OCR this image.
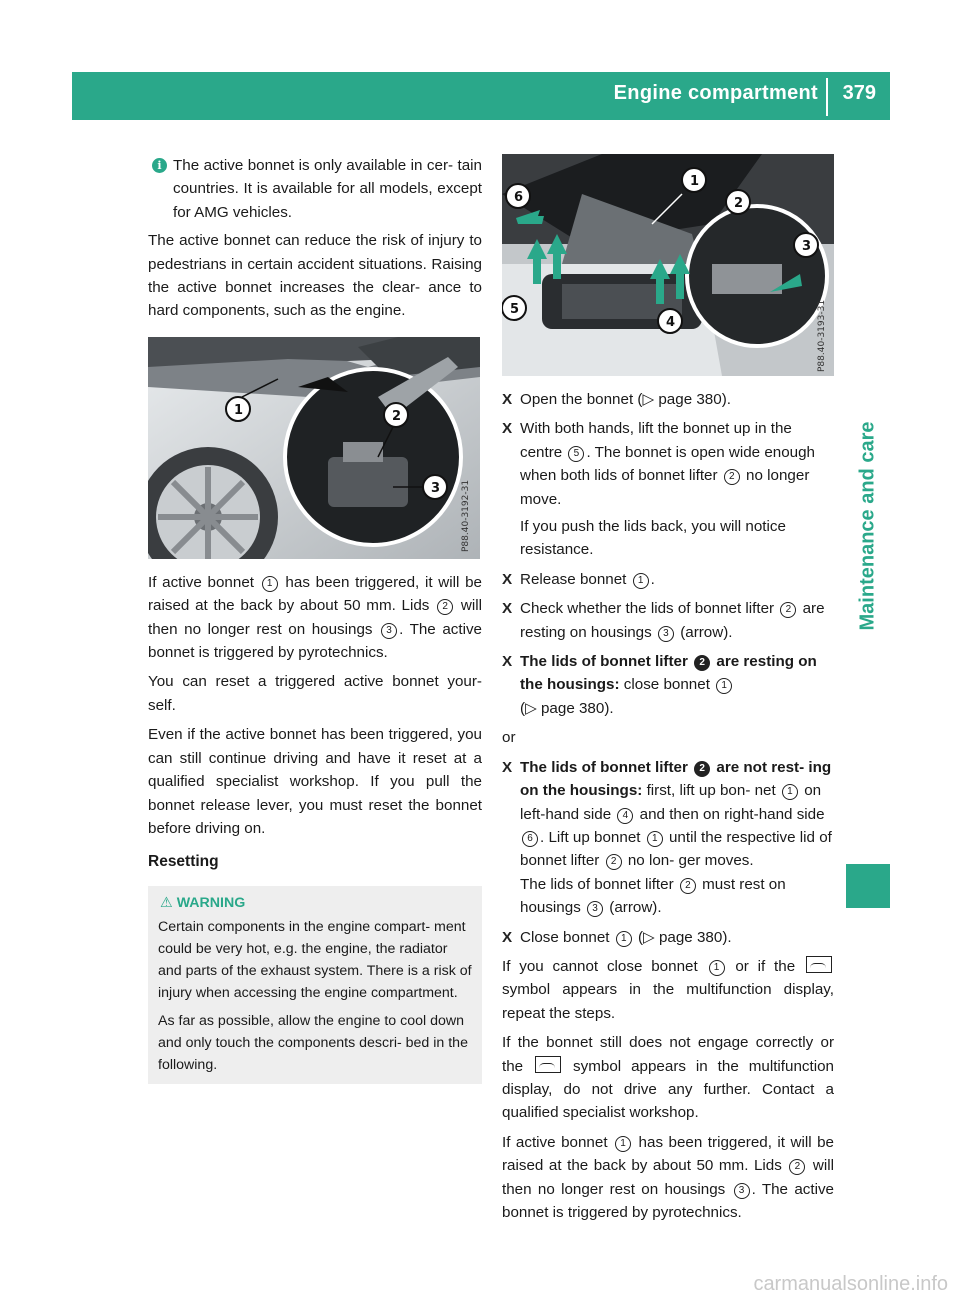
Engine compartment 379
Maintenance and care

i The active bonnet is only available in cer- tain countries. It is available for all models, except for AMG vehicles.

The active bonnet can reduce the risk of injury to pedestrians in certain accident situations. Raising the active bonnet increases the clear- ance to hard components, such as the engine.

1	2
3 P88.40-3192-31

If active bonnet 1 has been triggered, it will be raised at the back by about 50 mm. Lids 2 will then no longer rest on housings 3 . The active bonnet is triggered by pyrotechnics.

You can reset a triggered active bonnet your- self.

Even if the active bonnet has been triggered, you can still continue driving and have it reset at a qualified specialist workshop. If you pull the bonnet release lever, you must reset the bonnet before driving on.

Resetting
⚠ WARNING

Certain components in the engine compart- ment could be very hot, e.g. the engine, the radiator and parts of the exhaust system. There is a risk of injury when accessing the engine compartment.

As far as possible, allow the engine to cool down and only touch the components descri- bed in the following.

1
2
3
4
5
6
P88.40-3193-31
X Open the bonnet (▷ page 380).

X With both hands, lift the bonnet up in the centre 5 . The bonnet is open wide enough when both lids of bonnet lifter 2 no longer move.

If you push the lids back, you will notice resistance.

X Release bonnet 1 .

X Check whether the lids of bonnet lifter 2 are resting on housings 3 (arrow).

X The lids of bonnet lifter 2 are resting on the housings: close bonnet 1
(▷ page 380).

or

X The lids of bonnet lifter 2 are not rest- ing on the housings: first, lift up bon- net 1 on left-hand side 4 and then on right-hand side 6 . Lift up bonnet 1 until the respective lid of bonnet lifter 2 no lon- ger moves.

The lids of bonnet lifter 2 must rest on housings 3 (arrow).

X Close bonnet 1 (▷ page 380).

If you cannot close bonnet 1 or if the  symbol appears in the multifunction display, repeat the steps.

If the bonnet still does not engage correctly or the	symbol appears in the multifunction display, do not drive any further. Contact a qualified specialist workshop.

If active bonnet 1 has been triggered, it will be raised at the back by about 50 mm. Lids 2 will then no longer rest on housings 3 . The active bonnet is triggered by pyrotechnics.

carmanualsonline.info
